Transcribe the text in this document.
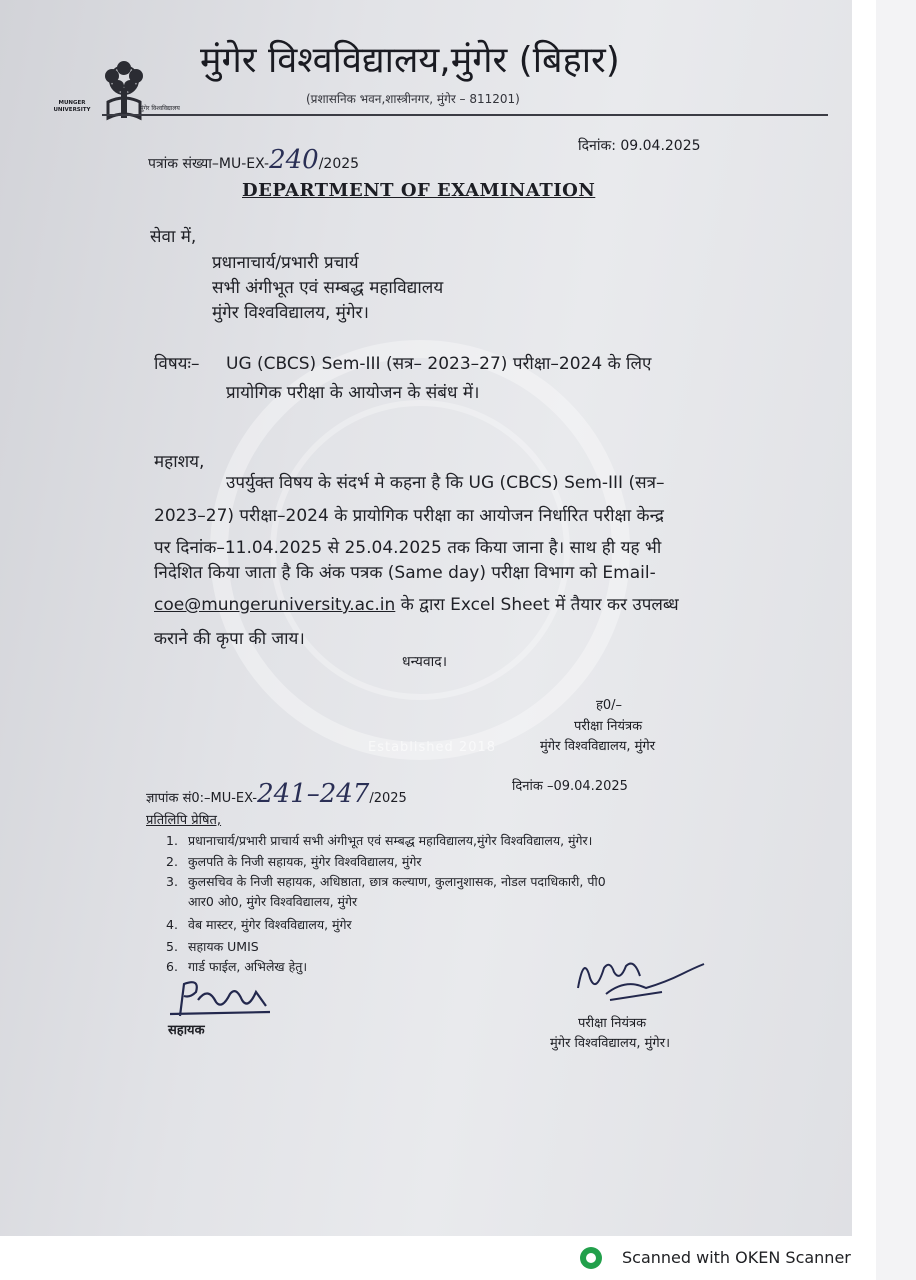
Established 2018
MUNGER UNIVERSITY	मुंगेर विश्वविद्यालय
मुंगेर विश्वविद्यालय,मुंगेर (बिहार)
(प्रशासनिक भवन,शास्त्रीनगर, मुंगेर – 811201)
पत्रांक संख्या–MU-EX-240/2025
दिनांक: 09.04.2025
DEPARTMENT OF EXAMINATION
सेवा में,
प्रधानाचार्य/प्रभारी प्रचार्य
सभी अंगीभूत एवं सम्बद्ध महाविद्यालय
मुंगेर विश्वविद्यालय, मुंगेर।
विषयः– UG (CBCS) Sem-III (सत्र– 2023–27) परीक्षा–2024 के लिए
प्रायोगिक परीक्षा के आयोजन के संबंध में।
महाशय,
उपर्युक्त विषय के संदर्भ मे कहना है कि UG (CBCS) Sem-III (सत्र–
2023–27) परीक्षा–2024 के प्रायोगिक परीक्षा का आयोजन निर्धारित परीक्षा केन्द्र
पर दिनांक–11.04.2025 से 25.04.2025 तक किया जाना है। साथ ही यह भी
निदेशित किया जाता है कि अंक पत्रक (Same day) परीक्षा विभाग को Email-
coe@mungeruniversity.ac.in के द्वारा Excel Sheet में तैयार कर उपलब्ध
कराने की कृपा की जाय।
धन्यवाद।
ह0/–
परीक्षा नियंत्रक
मुंगेर विश्वविद्यालय, मुंगेर
ज्ञापांक सं0:–MU-EX-241–247/2025
दिनांक –09.04.2025
प्रतिलिपि प्रेषित,
1. प्रधानाचार्य/प्रभारी प्राचार्य सभी अंगीभूत एवं सम्बद्ध महाविद्यालय,मुंगेर विश्वविद्यालय, मुंगेर।
2. कुलपति के निजी सहायक, मुंगेर विश्वविद्यालय, मुंगेर
3. कुलसचिव के निजी सहायक, अधिष्ठाता, छात्र कल्याण, कुलानुशासक, नोडल पदाधिकारी, पी0
आर0 ओ0, मुंगेर विश्वविद्यालय, मुंगेर
4. वेब मास्टर, मुंगेर विश्वविद्यालय, मुंगेर
5. सहायक UMIS
6. गार्ड फाईल, अभिलेख हेतु।
सहायक	परीक्षा नियंत्रक
मुंगेर विश्वविद्यालय, मुंगेर।
Scanned with OKEN Scanner
